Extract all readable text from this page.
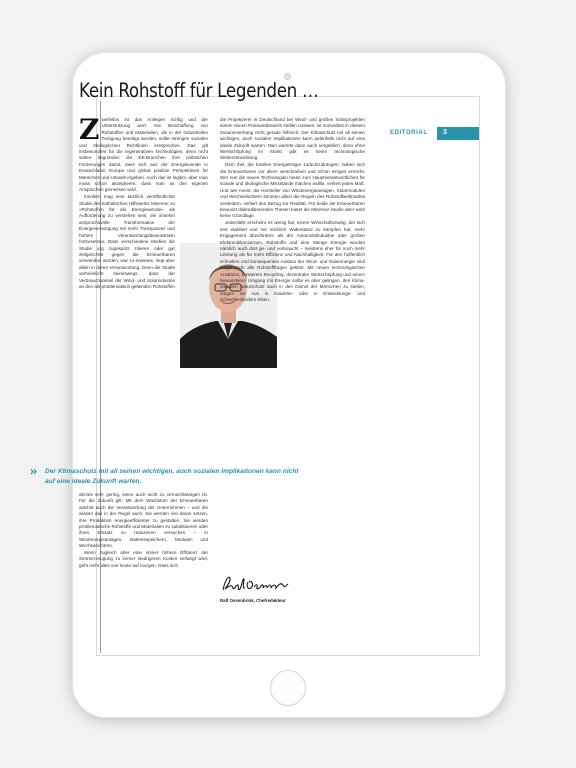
EDITORIAL 3
Kein Rohstoff für Legenden …

Zweifellos ist das Anliegen richtig und der Unterstützung wert: Die Beschaffung von Rohstoffen und Materialien, die in der industriellen Fertigung benötigt werden, sollte strengen sozialen und ökologischen Richtlinien entsprechen. Das gilt insbesondere für die regenerativen Technologien, denn nicht selten begründen die EE-Branchen ihre politischen Forderungen damit, dass sich aus der Energiewende in Deutschland, Europa und global positive Perspektiven für Menschen und Umwelt ergeben. Auch das ist legitim, aber man muss schon akzeptieren, dass man an den eigenen Ansprüchen gemessen wird.

Insofern mag eine kürzlich veröffentlichte Studie des katholischen Hilfswerks Misereor zu »Rohstoffen für die Energiewende« als Aufforderung zu verstehen sein, die ohnehin anspruchsvolle Transformation der Energieversorgung mit mehr Transparenz und hohem Verantwortungsbewusstsein fortzusetzen. Dass verschiedene Medien die Studie arg zugespitzt zitieren oder gar zielgerichtet gegen die Erneuerbaren verwenden würden, war zu erwarten, liegt aber allein in deren Verantwortung. Denn die Studie verheimlicht keineswegs, dass der Verbrauchsanteil der Wind- und Solarindustrie an den als problematisch geltenden Rohstoffen

die Projektierer in Deutschland bei Wind- und großen Solarprojekten einem reinen Preiswettbewerb stellen müssen, ist zumindest in diesem Zusammenhang nicht gerade hilfreich. Der Klimaschutz mit all seinen wichtigen, auch sozialen Implikationen kann jedenfalls nicht auf eine ideale Zukunft warten. Man wartete dann auch vergeblich, denn ohne Wertschöpfung im Markt gibt es keine technologische Weiterentwicklung.

Dem Ziel, die fossilen Energieträger zurückzudrängen, haben sich die Erneuerbaren vor allem verschrieben und schon einiges erreicht. Wer nun die neuen Technologien heute zum Hauptverantwortlichen für soziale und ökologische Missstände machen wollte, verliert jedes Maß. Und wer meint, die Hersteller von Windenergieanlagen, Solarmodulen und Wechselrichtern könnten allein die Regeln des Rohstoffweltmarkts verändern, verliert den Bezug zur Realität. Für beide die Erneuerbaren bewusst diskreditierenden Thesen bietet die Misereor-Studie aber wohl keine Grundlage.

Jedenfalls erscheint es wenig fair, einem Wirtschaftszweig, der sich erst etabliert und mit reichlich Widerstand zu kämpfen hat, mehr Engagement abzufordern als der Automobilindustrie oder großen Elektronikkonzernen. Rohstoffe und eine Menge Energie werden nämlich auch dort ge- und verbraucht – meistens eher für noch mehr Leistung als für mehr Effizienz und Nachhaltigkeit. Für den hoffentlich schnellen und konsequenten Ausbau der Wind- und Solarenergie sind längst nicht alle Rohstofffragen geklärt. Mit neuen technologischen Ansätzen, besserem Recycling, dezentraler Wertschöpfung und einem bewussteren Umgang mit Energie sollte es aber gelingen, den Klima- und den Naturschutz auch in den Dienst der Menschen zu stellen, mögen sie nun in Industrie- oder in Entwicklungs- und Schwellenländern leben.

» Der Klimaschutz mit all seinen wichtigen, auch sozialen Implikationen kann nicht auf eine ideale Zukunft warten.

derzeit sehr gering, wenn auch nicht zu vernachlässigen ist. Für die Zukunft gilt: Mit dem Wachstum der Erneuerbaren wächst auch die Verantwortung der Unternehmen – und die wissen das in der Regel auch. Sie werden viel daran setzen, ihre Produktion energieeffizienter zu gestalten. Sie werden problematische Rohstoffe und Materialien zu substituieren oder ihren Einsatz zu reduzieren versuchen – in Windenergieanlagen, Batteriespeichern, Modulen und Wechselrichtern.

Wenn zugleich aber eine immer höhere Effizienz der Stromerzeugung zu immer niedrigeren Kosten verlangt wird, geht nicht alles von heute auf morgen. Dass sich

Ralf Ossenbrink, Chefredakteur
